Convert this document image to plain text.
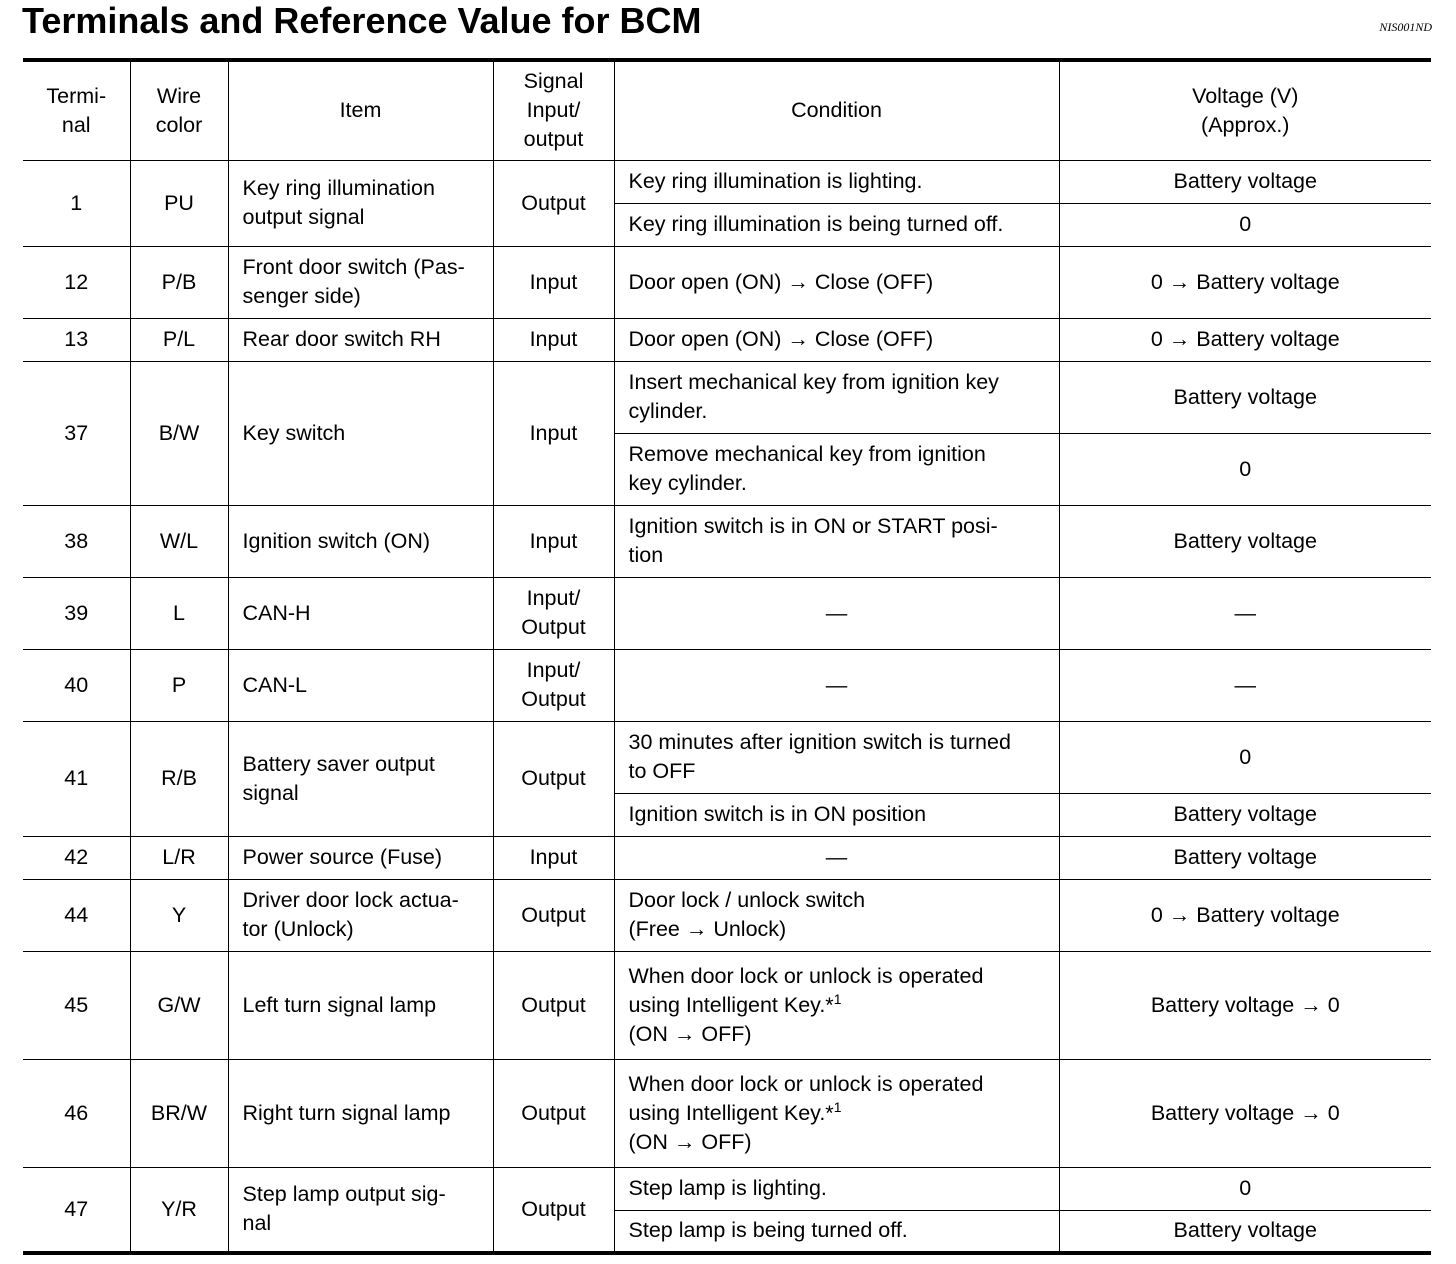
Terminals and Reference Value for BCM	NIS001ND
Termi-
nal	Wire
color	Item	Signal
Input/
output	Condition	Voltage (V)
(Approx.)
1	PU	Key ring illumination
output signal	Output	Key ring illumination is lighting.	Battery voltage
				Key ring illumination is being turned off.	0
12	P/B	Front door switch (Pas-
senger side)	Input	Door open (ON) → Close (OFF)	0 → Battery voltage
13	P/L	Rear door switch RH	Input	Door open (ON) → Close (OFF)	0 → Battery voltage
37	B/W	Key switch	Input	Insert mechanical key from ignition key
cylinder.	Battery voltage
				Remove mechanical key from ignition
key cylinder.	0
38	W/L	Ignition switch (ON)	Input	Ignition switch is in ON or START posi-
tion	Battery voltage
39	L	CAN-H	Input/
Output	—	—
40	P	CAN-L	Input/
Output	—	—
41	R/B	Battery saver output
signal	Output	30 minutes after ignition switch is turned
to OFF	0
				Ignition switch is in ON position	Battery voltage
42	L/R	Power source (Fuse)	Input	—	Battery voltage
44	Y	Driver door lock actua-
tor (Unlock)	Output	Door lock / unlock switch
(Free → Unlock)	0 → Battery voltage
45	G/W	Left turn signal lamp	Output	When door lock or unlock is operated
using Intelligent Key.*$^1$
(ON → OFF)	Battery voltage → 0
46	BR/W	Right turn signal lamp	Output	When door lock or unlock is operated
using Intelligent Key.*$^1$
(ON → OFF)	Battery voltage → 0
47	Y/R	Step lamp output sig-
nal	Output	Step lamp is lighting.	0
				Step lamp is being turned off.	Battery voltage
